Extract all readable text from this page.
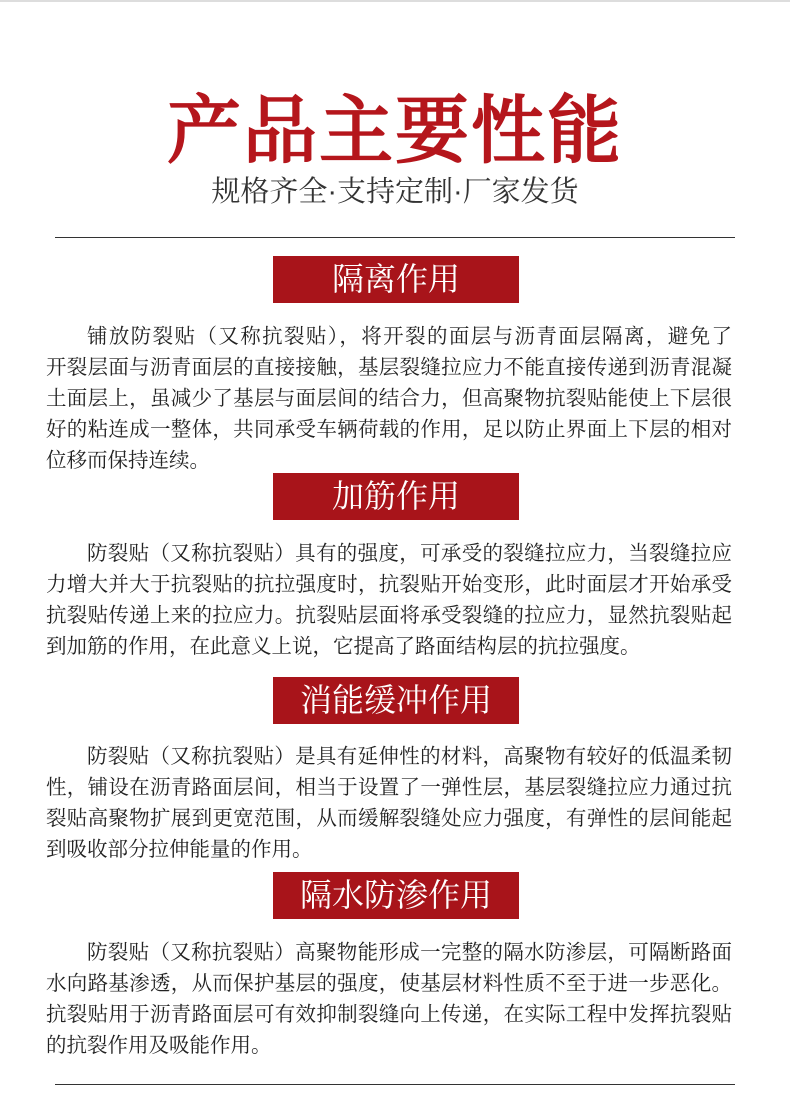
产品主要性能
规格齐全·支持定制·厂家发货
隔离作用
铺放防裂贴（又称抗裂贴），将开裂的面层与沥青面层隔离，避免了
开裂层面与沥青面层的直接接触，基层裂缝拉应力不能直接传递到沥青混凝
土面层上，虽减少了基层与面层间的结合力，但高聚物抗裂贴能使上下层很
好的粘连成一整体，共同承受车辆荷载的作用，足以防止界面上下层的相对
位移而保持连续。
加筋作用
防裂贴（又称抗裂贴）具有的强度，可承受的裂缝拉应力，当裂缝拉应
力增大并大于抗裂贴的抗拉强度时，抗裂贴开始变形，此时面层才开始承受
抗裂贴传递上来的拉应力。抗裂贴层面将承受裂缝的拉应力，显然抗裂贴起
到加筋的作用，在此意义上说，它提高了路面结构层的抗拉强度。
消能缓冲作用
防裂贴（又称抗裂贴）是具有延伸性的材料，高聚物有较好的低温柔韧
性，铺设在沥青路面层间，相当于设置了一弹性层，基层裂缝拉应力通过抗
裂贴高聚物扩展到更宽范围，从而缓解裂缝处应力强度，有弹性的层间能起
到吸收部分拉伸能量的作用。
隔水防渗作用
防裂贴（又称抗裂贴）高聚物能形成一完整的隔水防渗层，可隔断路面
水向路基渗透，从而保护基层的强度，使基层材料性质不至于进一步恶化。
抗裂贴用于沥青路面层可有效抑制裂缝向上传递，在实际工程中发挥抗裂贴
的抗裂作用及吸能作用。
